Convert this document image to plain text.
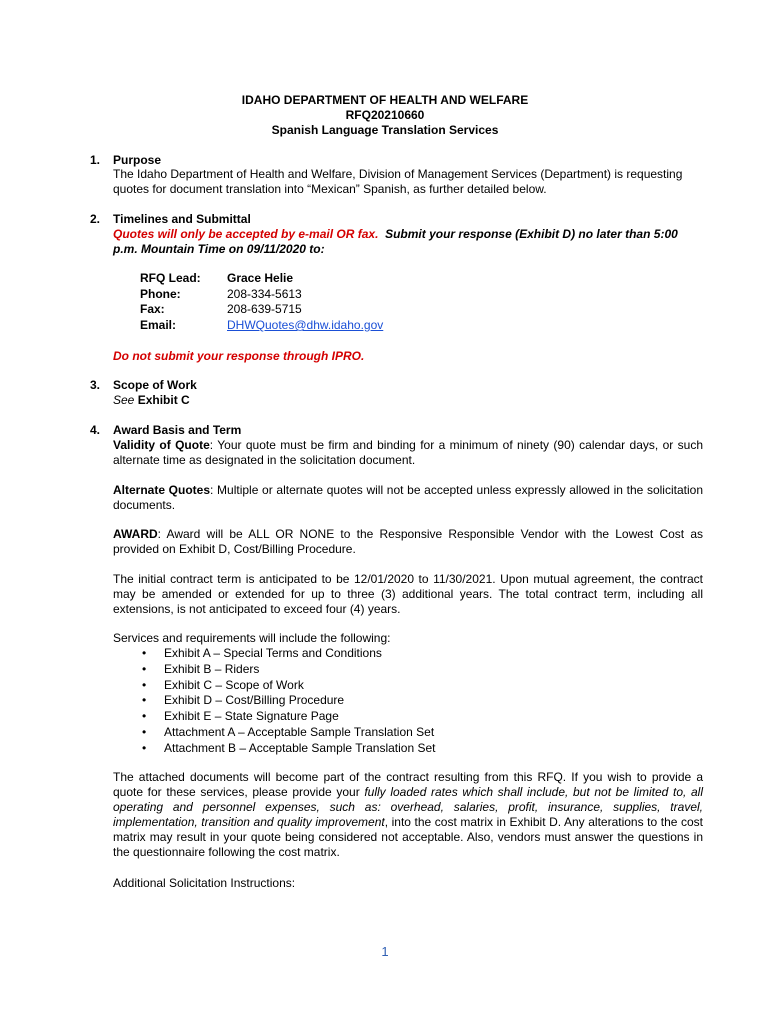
IDAHO DEPARTMENT OF HEALTH AND WELFARE
RFQ20210660
Spanish Language Translation Services
1. Purpose
The Idaho Department of Health and Welfare, Division of Management Services (Department) is requesting quotes for document translation into “Mexican” Spanish, as further detailed below.
2. Timelines and Submittal
Quotes will only be accepted by e-mail OR fax. Submit your response (Exhibit D) no later than 5:00 p.m. Mountain Time on 09/11/2020 to:
RFQ Lead: Grace Helie
Phone:	208-334-5613
Fax:	208-639-5715
Email:	DHWQuotes@dhw.idaho.gov
Do not submit your response through IPRO.
3. Scope of Work
See Exhibit C
4. Award Basis and Term
Validity of Quote: Your quote must be firm and binding for a minimum of ninety (90) calendar days, or such alternate time as designated in the solicitation document.
Alternate Quotes: Multiple or alternate quotes will not be accepted unless expressly allowed in the solicitation documents.
AWARD: Award will be ALL OR NONE to the Responsive Responsible Vendor with the Lowest Cost as provided on Exhibit D, Cost/Billing Procedure.
The initial contract term is anticipated to be 12/01/2020 to 11/30/2021. Upon mutual agreement, the contract may be amended or extended for up to three (3) additional years. The total contract term, including all extensions, is not anticipated to exceed four (4) years.
Services and requirements will include the following:
• Exhibit A – Special Terms and Conditions
• Exhibit B – Riders
• Exhibit C – Scope of Work
• Exhibit D – Cost/Billing Procedure
• Exhibit E – State Signature Page
• Attachment A – Acceptable Sample Translation Set
• Attachment B – Acceptable Sample Translation Set
The attached documents will become part of the contract resulting from this RFQ. If you wish to provide a quote for these services, please provide your fully loaded rates which shall include, but not be limited to, all operating and personnel expenses, such as: overhead, salaries, profit, insurance, supplies, travel, implementation, transition and quality improvement, into the cost matrix in Exhibit D. Any alterations to the cost matrix may result in your quote being considered not acceptable. Also, vendors must answer the questions in the questionnaire following the cost matrix.
Additional Solicitation Instructions:
1
